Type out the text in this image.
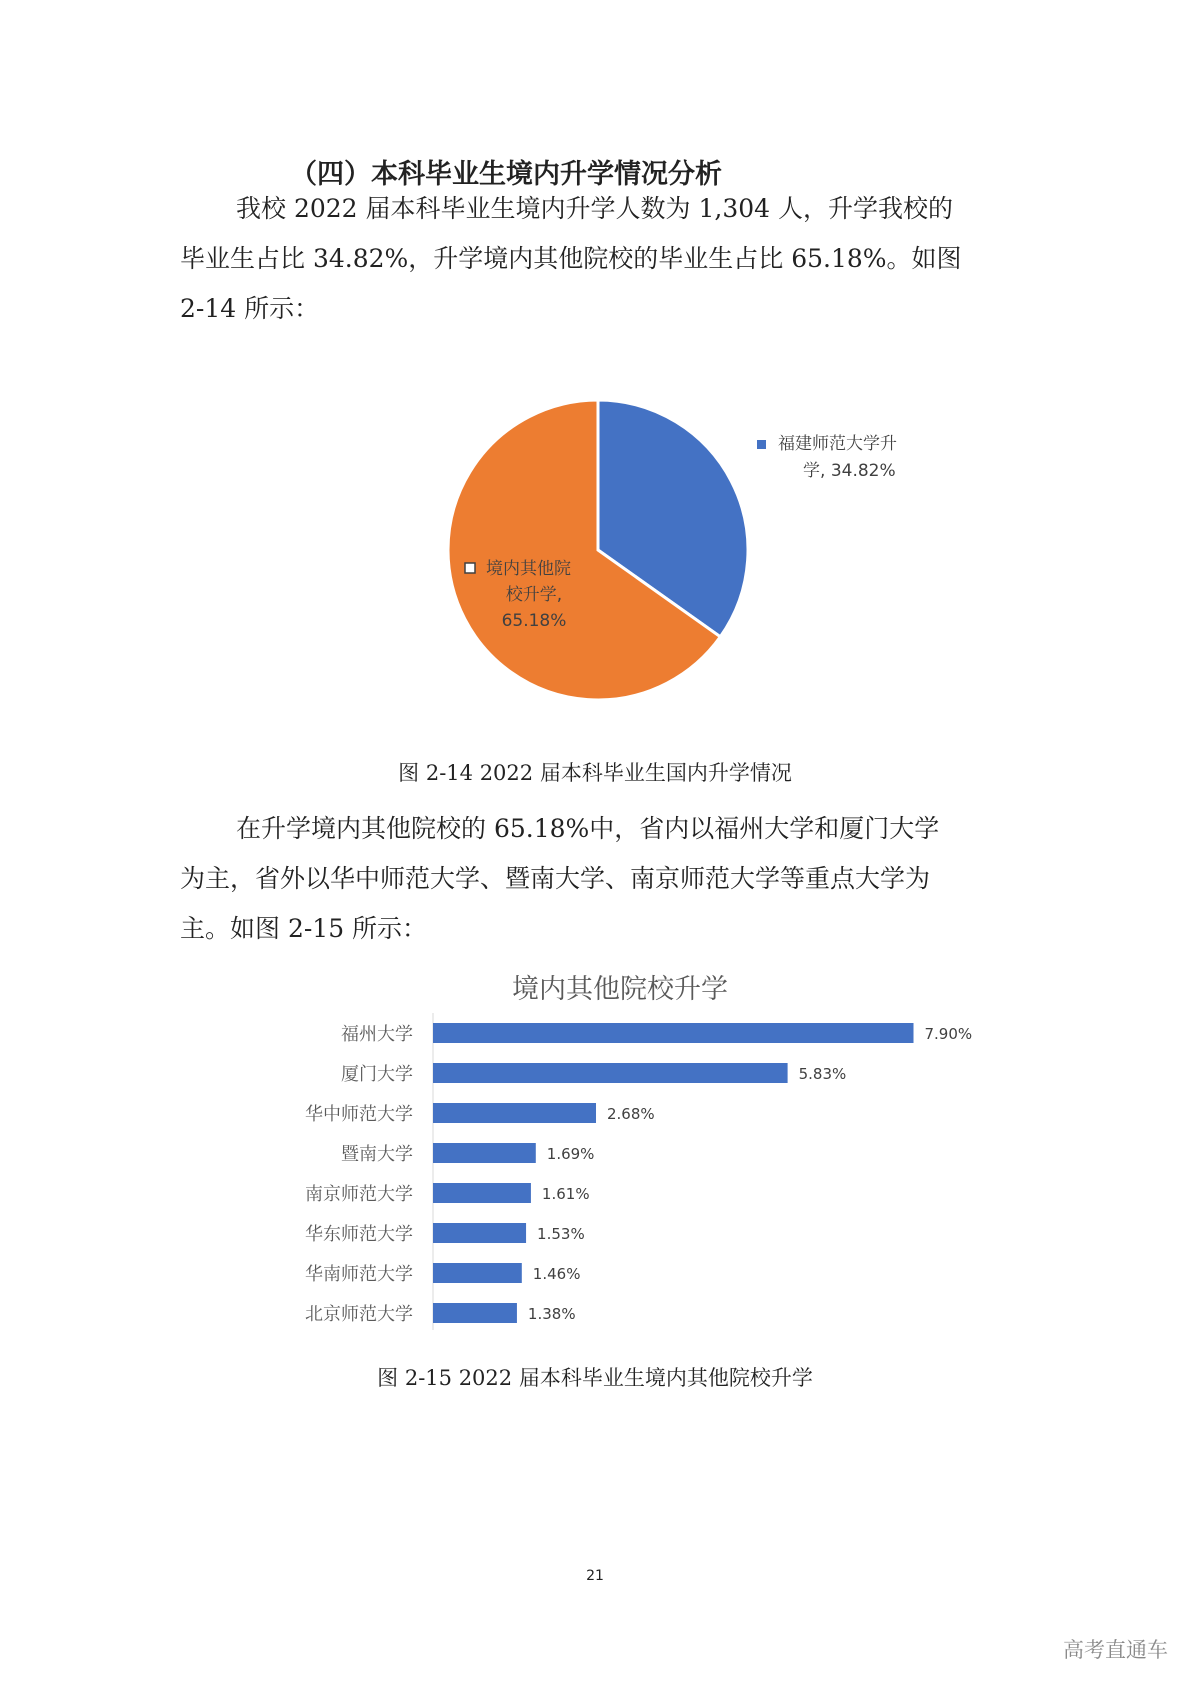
（四）本科毕业生境内升学情况分析
我校 2022 届本科毕业生境内升学人数为 1,304 人，升学我校的
毕业生占比 34.82%，升学境内其他院校的毕业生占比 65.18%。如图
2-14 所示：
福建师范大学升
学, 34.82%
境内其他院
校升学,
65.18%
图 2-14 2022 届本科毕业生国内升学情况
在升学境内其他院校的 65.18%中，省内以福州大学和厦门大学
为主，省外以华中师范大学、暨南大学、南京师范大学等重点大学为
主。如图 2-15 所示：
境内其他院校升学
福州大学	7.90%
厦门大学	5.83%
华中师范大学	2.68%
暨南大学	1.69%
南京师范大学	1.61%
华东师范大学	1.53%
华南师范大学	1.46%
北京师范大学	1.38%
图 2-15 2022 届本科毕业生境内其他院校升学
21
高考直通车
